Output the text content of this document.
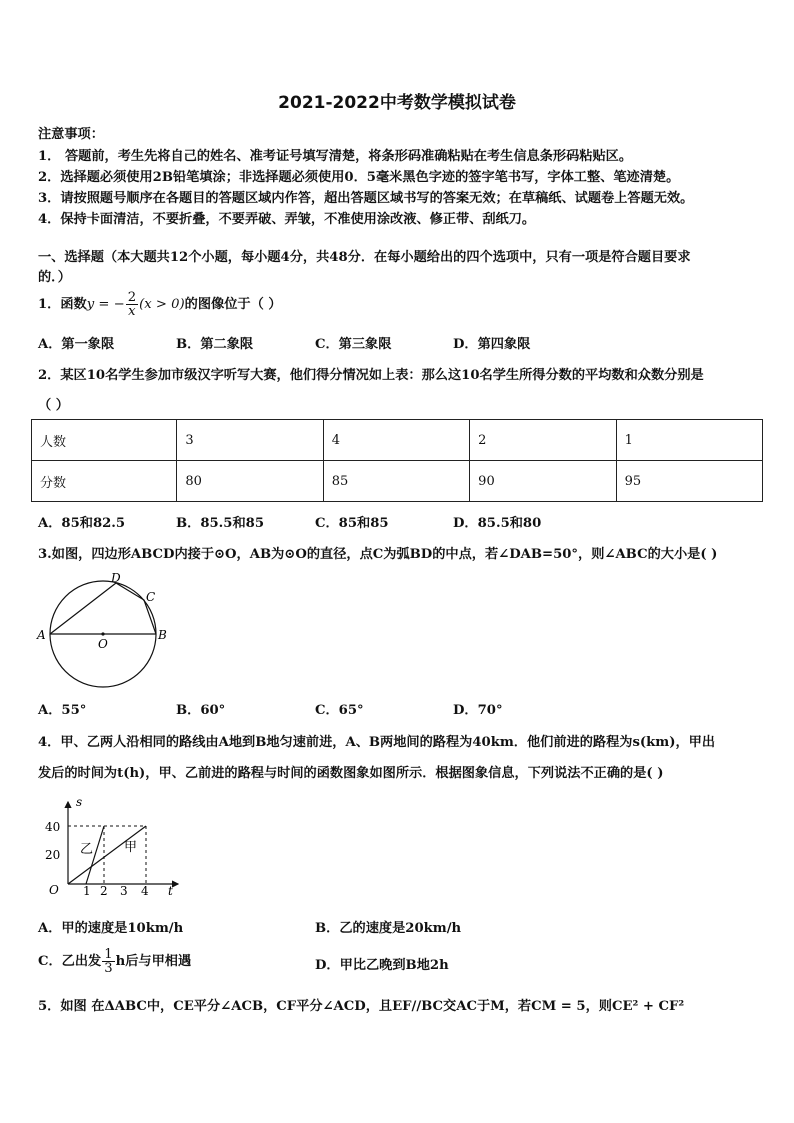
2021-2022中考数学模拟试卷
注意事项：
1． 答题前，考生先将自己的姓名、准考证号填写清楚，将条形码准确粘贴在考生信息条形码粘贴区。
2．选择题必须使用2B铅笔填涂；非选择题必须使用0．5毫米黑色字迹的签字笔书写，字体工整、笔迹清楚。
3．请按照题号顺序在各题目的答题区域内作答，超出答题区域书写的答案无效；在草稿纸、试题卷上答题无效。
4．保持卡面清洁，不要折叠，不要弄破、弄皱，不准使用涂改液、修正带、刮纸刀。
一、选择题（本大题共12个小题，每小题4分，共48分．在每小题给出的四个选项中，只有一项是符合题目要求
的．）
1．函数y = − $\frac{2}{x} (x > 0)$的图像位于（ ）
A．第一象限	B．第二象限	C．第三象限	D．第四象限
2．某区10名学生参加市级汉字听写大赛，他们得分情况如上表：那么这10名学生所得分数的平均数和众数分别是
（ ）
人数	3	4	2	1
分数	80	85	90	95
A．85和82.5	B．85.5和85	C．85和85	D．85.5和80
3.如图，四边形ABCD内接于⊙O，AB为⊙O的直径，点C为弧BD的中点，若∠DAB=50°，则∠ABC的大小是( )
A	B
C
D
O
A．55°	B．60°	C．65°	D．70°
4．甲、乙两人沿相同的路线由A地到B地匀速前进，A、B两地间的路程为40km．他们前进的路程为s(km)，甲出
发后的时间为t(h)，甲、乙前进的路程与时间的函数图象如图所示．根据图象信息，下列说法不正确的是( )
s
t
O
40
20
1 2 3 4
乙 甲
A．甲的速度是10km/h	B．乙的速度是20km/h
C．乙出发 $\frac{1}{3}$ h后与甲相遇	D．甲比乙晚到B地2h
5．如图 在ΔABC中，CE平分∠ACB，CF平分∠ACD，且EF//BC交AC于M，若CM = 5，则CE² + CF²
